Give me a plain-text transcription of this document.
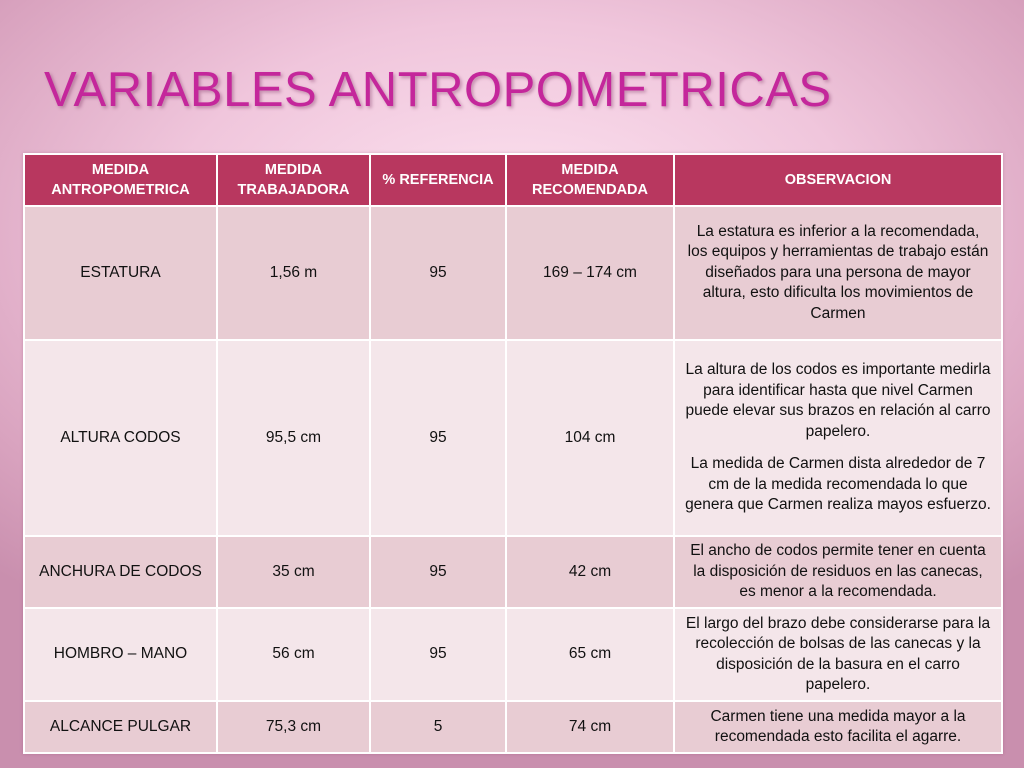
VARIABLES ANTROPOMETRICAS
MEDIDA ANTROPOMETRICA	MEDIDA TRABAJADORA	% REFERENCIA	MEDIDA RECOMENDADA	OBSERVACION
ESTATURA	1,56 m	95	169 – 174 cm	La estatura es inferior a la recomendada, los equipos y herramientas de trabajo están diseñados para una persona de mayor altura, esto dificulta los movimientos de Carmen

ALTURA CODOS	95,5 cm	95	104 cm	La altura de los codos es importante medirla para identificar hasta que nivel Carmen puede elevar sus brazos en relación al carro papelero.

La medida de Carmen dista alrededor de 7 cm de la medida recomendada lo que genera que Carmen realiza mayos esfuerzo.

ANCHURA DE CODOS	35 cm	95	42 cm	El ancho de codos permite tener en cuenta la disposición de residuos en las canecas, es menor a la recomendada.

HOMBRO – MANO	56 cm	95	65 cm	El largo del brazo debe considerarse para la recolección de bolsas de las canecas y la disposición de la basura en el carro papelero.

ALCANCE PULGAR	75,3 cm	5	74 cm	Carmen tiene una medida mayor a la recomendada esto facilita el agarre.
